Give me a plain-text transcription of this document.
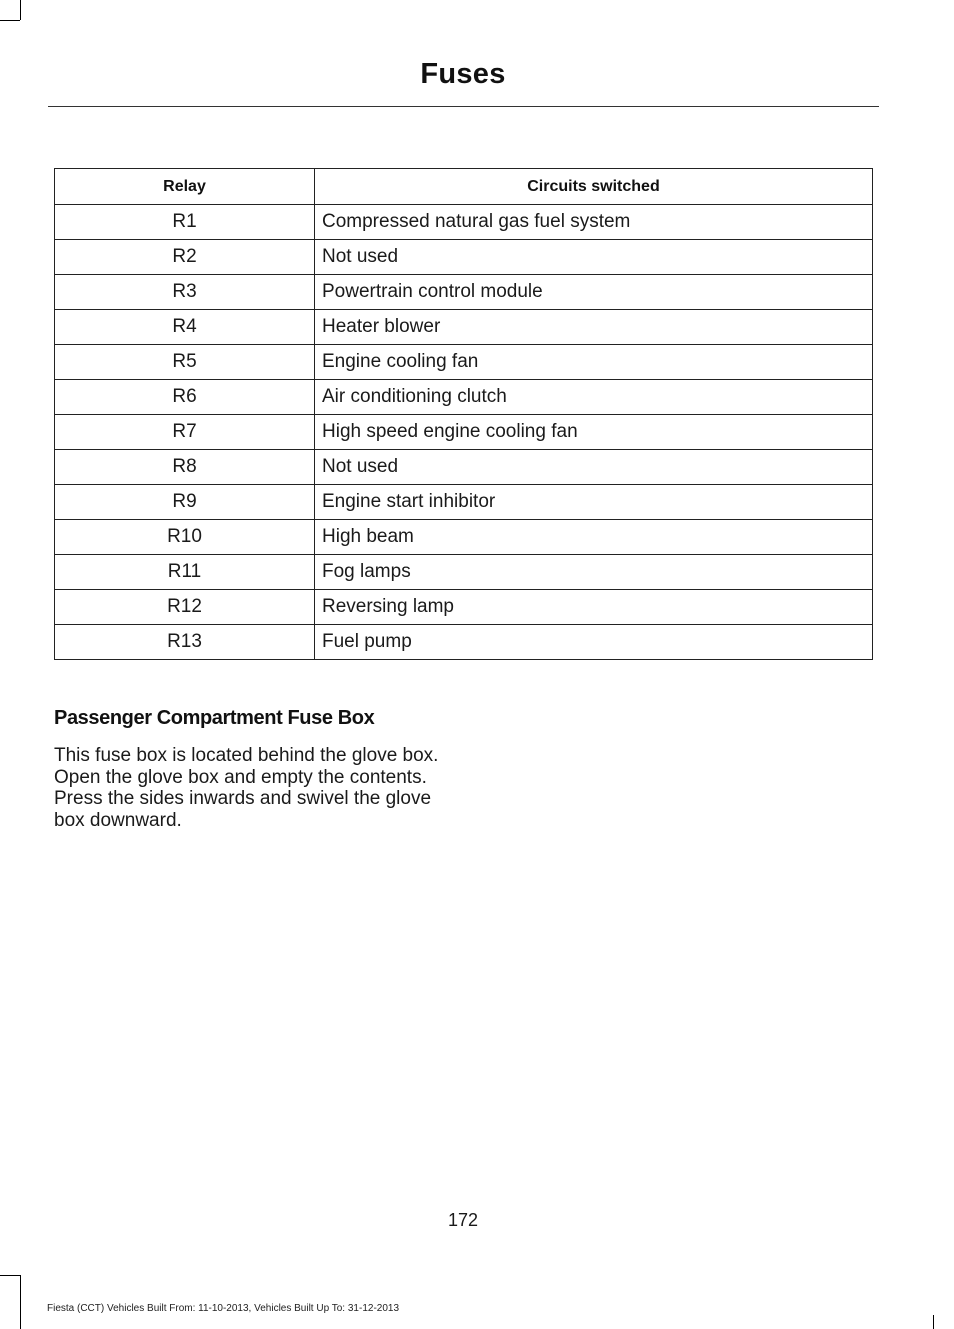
Fuses
Relay	Circuits switched
R1	Compressed natural gas fuel system
R2	Not used
R3	Powertrain control module
R4	Heater blower
R5	Engine cooling fan
R6	Air conditioning clutch
R7	High speed engine cooling fan
R8	Not used
R9	Engine start inhibitor
R10	High beam
R11	Fog lamps
R12	Reversing lamp
R13	Fuel pump
Passenger Compartment Fuse Box
This fuse box is located behind the glove box. Open the glove box and empty the contents. Press the sides inwards and swivel the glove box downward.
172
Fiesta (CCT) Vehicles Built From: 11-10-2013, Vehicles Built Up To: 31-12-2013
